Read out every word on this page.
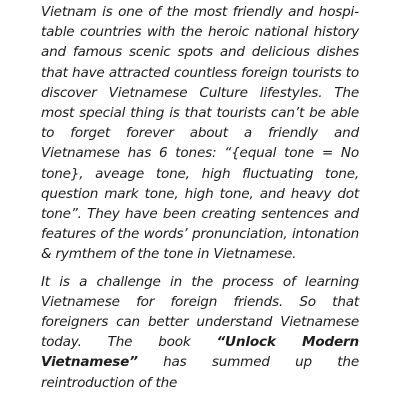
Vietnam is one of the most friendly and hospitable countries with the heroic national history and famous scenic spots and delicious dishes that have attracted countless foreign tourists to discover Vietnamese Culture lifestyles. The most special thing is that tourists can’t be able to forget forever about a friendly and Vietnamese has 6 tones: “{equal tone = No tone}, aveage tone, high fluctuating tone, question mark tone, high tone, and heavy dot tone”. They have been creating sentences and features of the words’ pronunciation, intonation & rymthem of the tone in Vietnamese.

It is a challenge in the process of learning Vietnamese for foreign friends. So that foreigners can better understand Vietnamese today. The book “Unlock Modern Vietnamese” has summed up the reintroduction of the
